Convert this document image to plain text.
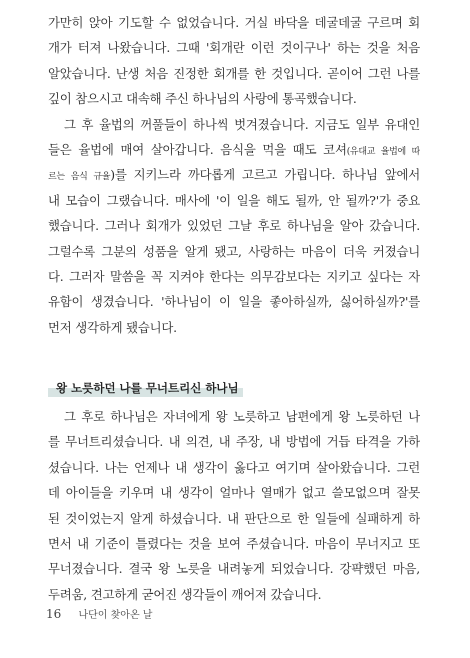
가만히 앉아 기도할 수 없었습니다. 거실 바닥을 데굴데굴 구르며 회
개가 터져 나왔습니다. 그때 '회개란 이런 것이구나' 하는 것을 처음
알았습니다. 난생 처음 진정한 회개를 한 것입니다. 곧이어 그런 나를
깊이 참으시고 대속해 주신 하나님의 사랑에 통곡했습니다.
그 후 율법의 꺼풀들이 하나씩 벗겨졌습니다. 지금도 일부 유대인
들은 율법에 매여 살아갑니다. 음식을 먹을 때도 코셔(유대교 율법에 따
르는 음식 규율)를 지키느라 까다롭게 고르고 가립니다. 하나님 앞에서
내 모습이 그랬습니다. 매사에 '이 일을 해도 될까, 안 될까?'가 중요
했습니다. 그러나 회개가 있었던 그날 후로 하나님을 알아 갔습니다.
그럴수록 그분의 성품을 알게 됐고, 사랑하는 마음이 더욱 커졌습니
다. 그러자 말씀을 꼭 지켜야 한다는 의무감보다는 지키고 싶다는 자
유함이 생겼습니다. '하나님이 이 일을 좋아하실까, 싫어하실까?'를
먼저 생각하게 됐습니다.
왕 노릇하던 나를 무너트리신 하나님
그 후로 하나님은 자녀에게 왕 노릇하고 남편에게 왕 노릇하던 나
를 무너트리셨습니다. 내 의견, 내 주장, 내 방법에 거듭 타격을 가하
셨습니다. 나는 언제나 내 생각이 옳다고 여기며 살아왔습니다. 그런
데 아이들을 키우며 내 생각이 얼마나 열매가 없고 쓸모없으며 잘못
된 것이었는지 알게 하셨습니다. 내 판단으로 한 일들에 실패하게 하
면서 내 기준이 틀렸다는 것을 보여 주셨습니다. 마음이 무너지고 또
무너졌습니다. 결국 왕 노릇을 내려놓게 되었습니다. 강퍅했던 마음,
두려움, 견고하게 굳어진 생각들이 깨어져 갔습니다.
16 나단이 찾아온 날
